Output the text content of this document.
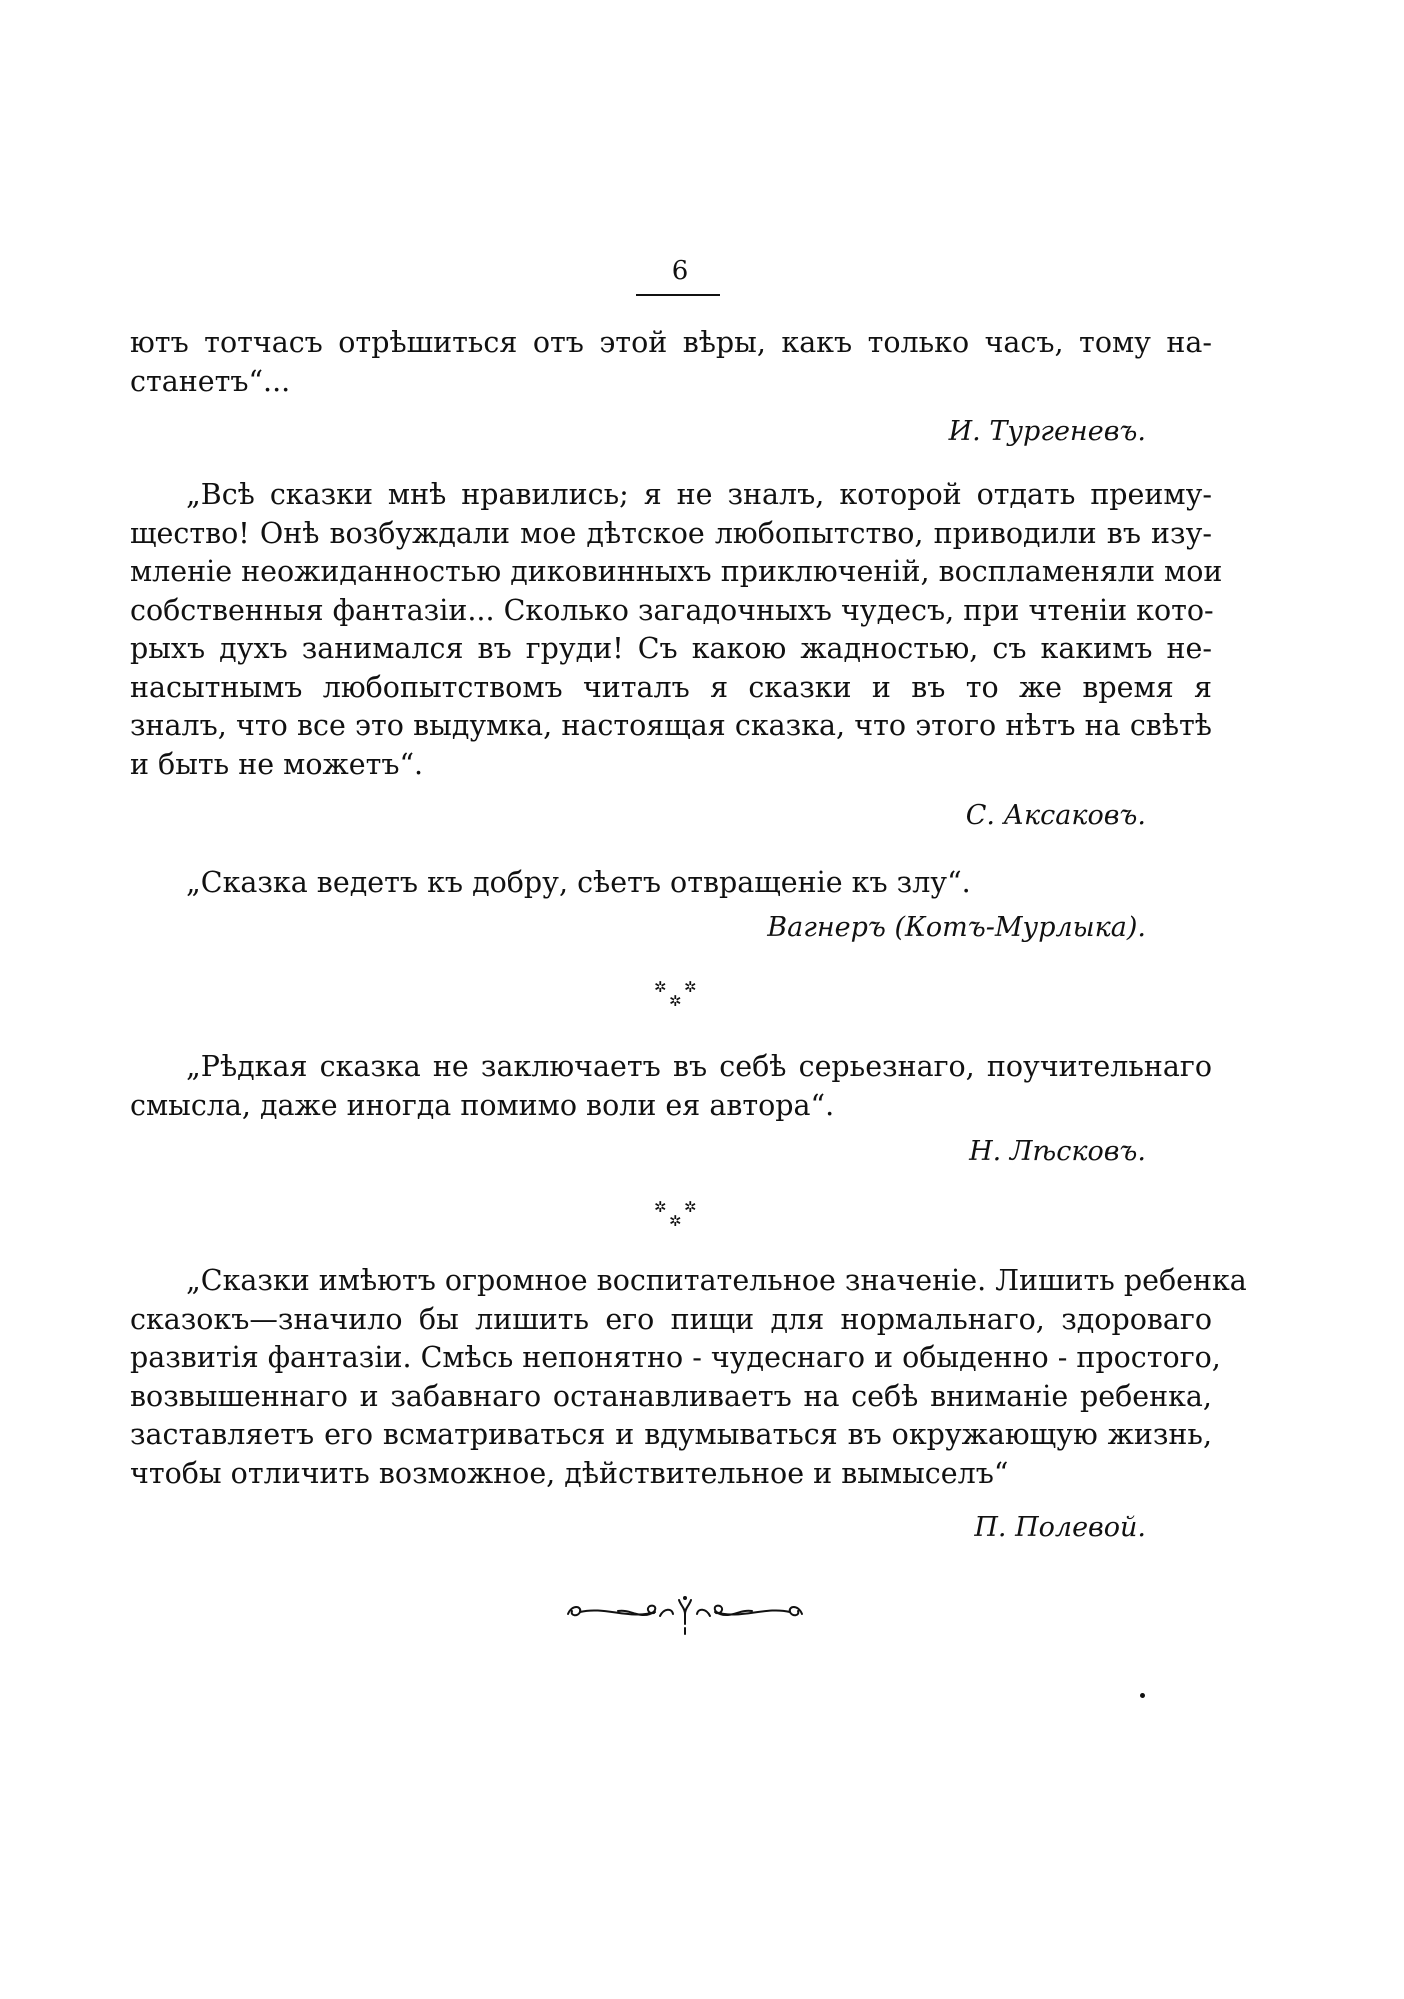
6
ютъ тотчасъ отрѣшиться отъ этой вѣры, какъ только часъ, тому на-
станетъ“...
И. Тургеневъ.
„Всѣ сказки мнѣ нравились; я не зналъ, которой отдать преиму-
щество! Онѣ возбуждали мое дѣтское любопытство, приводили въ изу-
мленіе неожиданностью диковинныхъ приключеній, воспламеняли мои
собственныя фантазіи... Сколько загадочныхъ чудесъ, при чтеніи кото-
рыхъ духъ занимался въ груди! Съ какою жадностью, съ какимъ не-
насытнымъ любопытствомъ читалъ я сказки и въ то же время я
зналъ, что все это выдумка, настоящая сказка, что этого нѣтъ на свѣтѣ
и быть не можетъ“.
С. Аксаковъ.
„Сказка ведетъ къ добру, сѣетъ отвращеніе къ злу“.
Вагнеръ (Котъ-Мурлыка).
✲ ✲
✲
„Рѣдкая сказка не заключаетъ въ себѣ серьезнаго, поучительнаго
смысла, даже иногда помимо воли ея автора“.
Н. Лѣсковъ.
✲ ✲
✲
„Сказки имѣютъ огромное воспитательное значеніе. Лишить ребенка
сказокъ—значило бы лишить его пищи для нормальнаго, здороваго
развитія фантазіи. Смѣсь непонятно - чудеснаго и обыденно - простого,
возвышеннаго и забавнаго останавливаетъ на себѣ вниманіе ребенка,
заставляетъ его всматриваться и вдумываться въ окружающую жизнь,
чтобы отличить возможное, дѣйствительное и вымыселъ“
П. Полевой.
